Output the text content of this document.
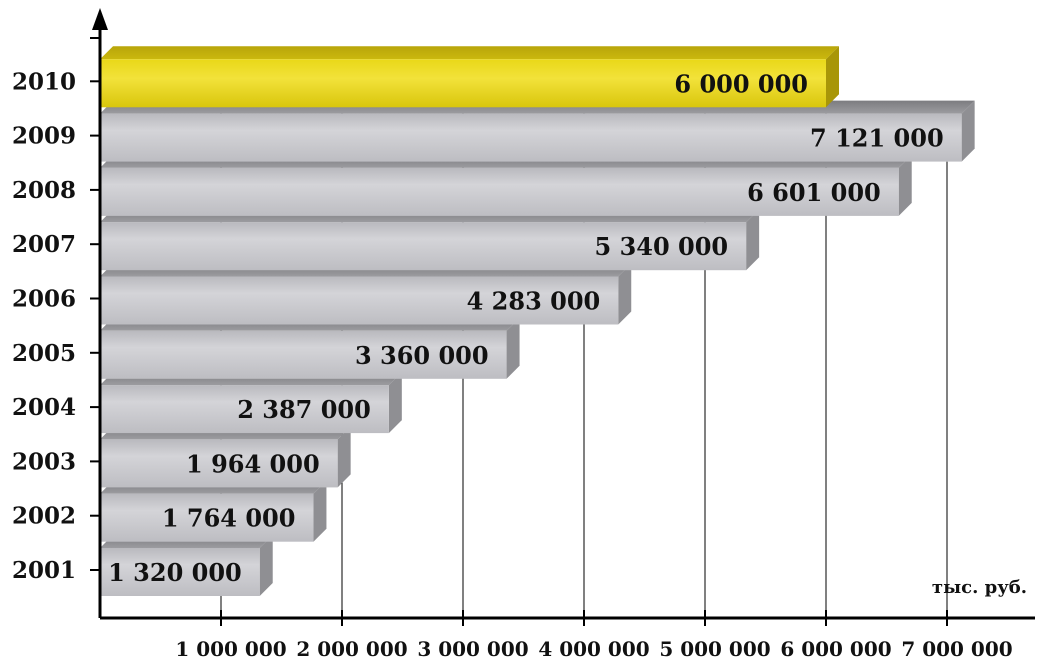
1 320 000
1 764 000
1 964 000
2 387 000
3 360 000
4 283 000
5 340 000
6 601 000
7 121 000
6 000 000
2001
2002
2003
2004
2005
2006
2007
2008
2009
2010
1 000 000 2 000 000 3 000 000 4 000 000 5 000 000 6 000 000 7 000 000
тыс. руб.
